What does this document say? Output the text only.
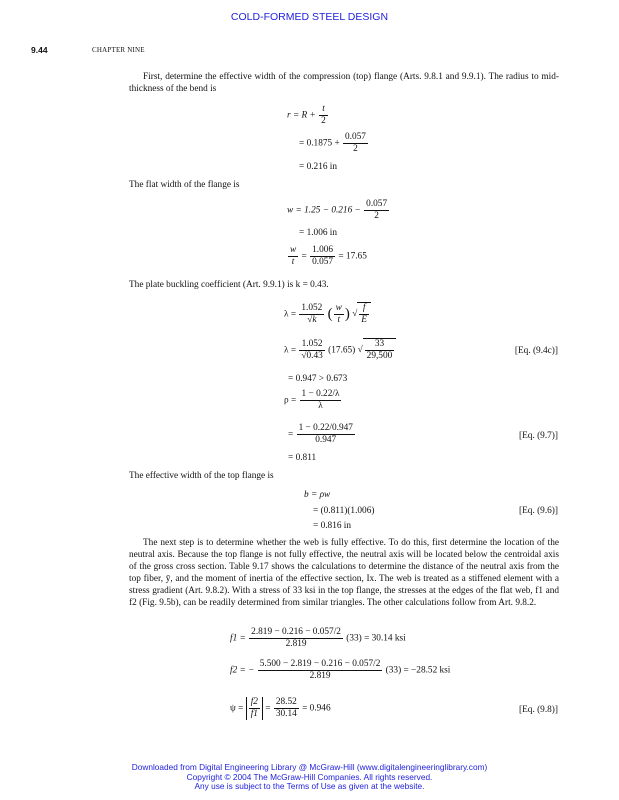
COLD-FORMED STEEL DESIGN
9.44	CHAPTER NINE
First, determine the effective width of the compression (top) flange (Arts. 9.8.1 and 9.9.1). The radius to mid-thickness of the bend is
$r = R + \frac{t}{2}$
= $0.1875 + \frac{0.057}{2}$
= 0.216 in
The flat width of the flange is
$w = 1.25 - 0.216 - \frac{0.057}{2}$
= 1.006 in
$\frac{w}{t} = \frac{1.006}{0.057} = 17.65$
The plate buckling coefficient (Art. 9.9.1) is k = 0.43.
$\lambda = \frac{1.052}{√k}$ ( $\frac{w}{t}$ ) √ $\frac{f}{E}$
$\lambda = \frac{1.052}{√0.43} (17.65)$ √ $\frac{33}{29,500}$	[Eq. (9.4c)]
= 0.947 > 0.673
$\rho = \frac{1 - 0.22/\lambda}{\lambda}$
= $\frac{1 - 0.22/0.947}{0.947}$	[Eq. (9.7)]
= 0.811
The effective width of the top flange is
b = ρw
= (0.811)(1.006)	[Eq. (9.6)]
= 0.816 in
The next step is to determine whether the web is fully effective. To do this, first determine the location of the neutral axis. Because the top flange is not fully effective, the neutral axis will be located below the centroidal axis of the gross cross section. Table 9.17 shows the calculations to determine the distance of the neutral axis from the top fiber, ȳ, and the moment of inertia of the effective section, Ix. The web is treated as a stiffened element with a stress gradient (Art. 9.8.2). With a stress of 33 ksi in the top flange, the stresses at the edges of the flat web, f1 and f2 (Fig. 9.5b), can be readily determined from similar triangles. The other calculations follow from Art. 9.8.2.
$f1 = \frac{2.819 - 0.216 - 0.057/2}{2.819} (33) = 30.14$ ksi
f2 = − $\frac{5.500 - 2.819 - 0.216 - 0.057/2}{2.819} (33) = -28.52$ ksi
$\psi = \frac{f2}{f1} = \frac{28.52}{30.14} = 0.946$	[Eq. (9.8)]
Downloaded from Digital Engineering Library @ McGraw-Hill (www.digitalengineeringlibrary.com)
Copyright © 2004 The McGraw-Hill Companies. All rights reserved.
Any use is subject to the Terms of Use as given at the website.
